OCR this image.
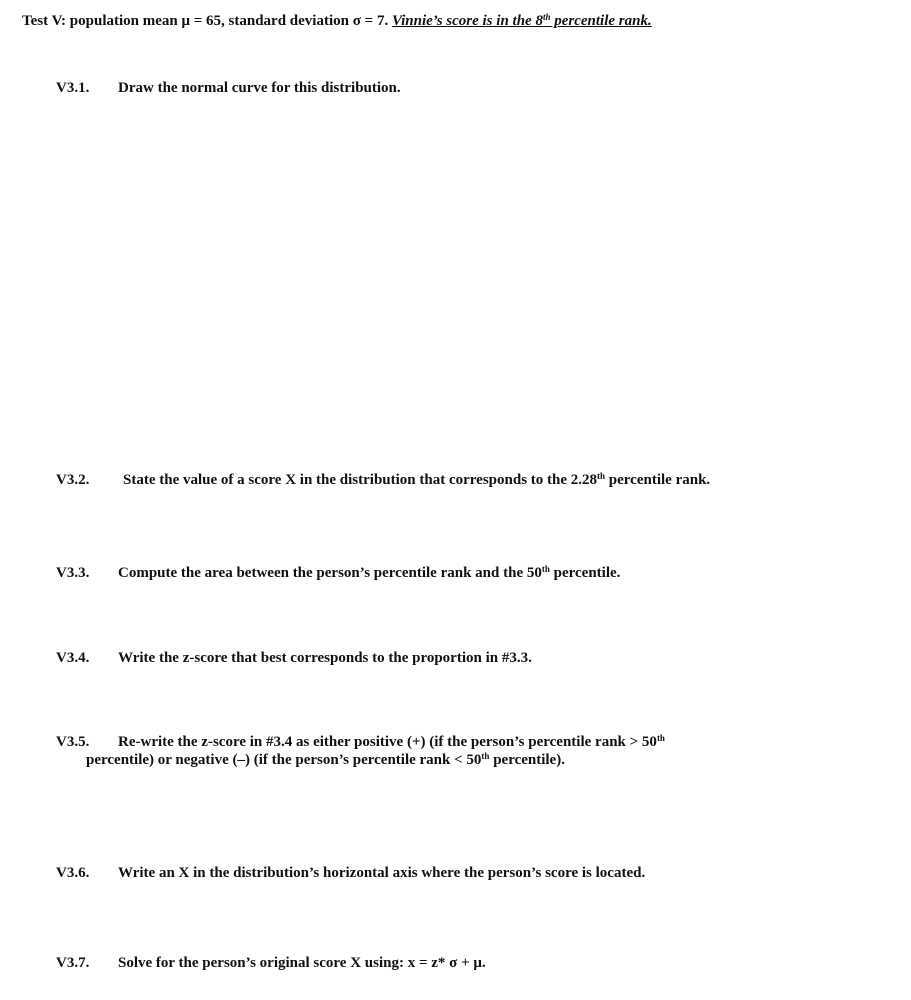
Test V: population mean μ = 65, standard deviation σ = 7. Vinnie’s score is in the 8th percentile rank.
V3.1. Draw the normal curve for this distribution.
V3.2. State the value of a score X in the distribution that corresponds to the 2.28th percentile rank.
V3.3. Compute the area between the person’s percentile rank and the 50th percentile.
V3.4. Write the z-score that best corresponds to the proportion in #3.3.
V3.5. Re-write the z-score in #3.4 as either positive (+) (if the person’s percentile rank > 50th
percentile) or negative (–) (if the person’s percentile rank < 50th percentile).
V3.6. Write an X in the distribution’s horizontal axis where the person’s score is located.
V3.7. Solve for the person’s original score X using: x = z* σ + μ.
